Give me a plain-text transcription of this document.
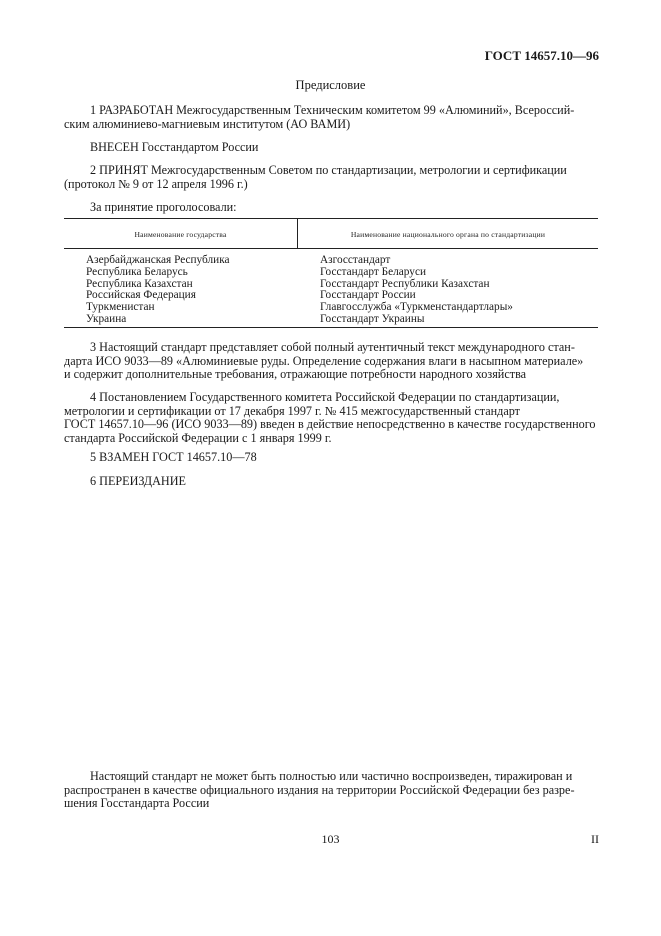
ГОСТ 14657.10—96
Предисловие
1 РАЗРАБОТАН Межгосударственным Техническим комитетом 99 «Алюминий», Всероссий-
ским алюминиево-магниевым институтом (АО ВАМИ)
ВНЕСЕН Госстандартом России
2 ПРИНЯТ Межгосударственным Советом по стандартизации, метрологии и сертификации
(протокол № 9 от 12 апреля 1996 г.)
За принятие проголосовали:
Наименование государства	Наименование национального органа по стандартизации
Азербайджанская Республика
Республика Беларусь
Республика Казахстан
Российская Федерация
Туркменистан
Украина
Азгосстандарт
Госстандарт Беларуси
Госстандарт Республики Казахстан
Госстандарт России
Главгосслужба «Туркменстандартлары»
Госстандарт Украины
3 Настоящий стандарт представляет собой полный аутентичный текст международного стан-
дарта ИСО 9033—89 «Алюминиевые руды. Определение содержания влаги в насыпном материале»
и содержит дополнительные требования, отражающие потребности народного хозяйства
4 Постановлением Государственного комитета Российской Федерации по стандартизации,
метрологии и сертификации от 17 декабря 1997 г. № 415 межгосударственный стандарт
ГОСТ 14657.10—96 (ИСО 9033—89) введен в действие непосредственно в качестве государственного
стандарта Российской Федерации с 1 января 1999 г.
5 ВЗАМЕН ГОСТ 14657.10—78
6 ПЕРЕИЗДАНИЕ
Настоящий стандарт не может быть полностью или частично воспроизведен, тиражирован и
распространен в качестве официального издания на территории Российской Федерации без разре-
шения Госстандарта России
103	II
